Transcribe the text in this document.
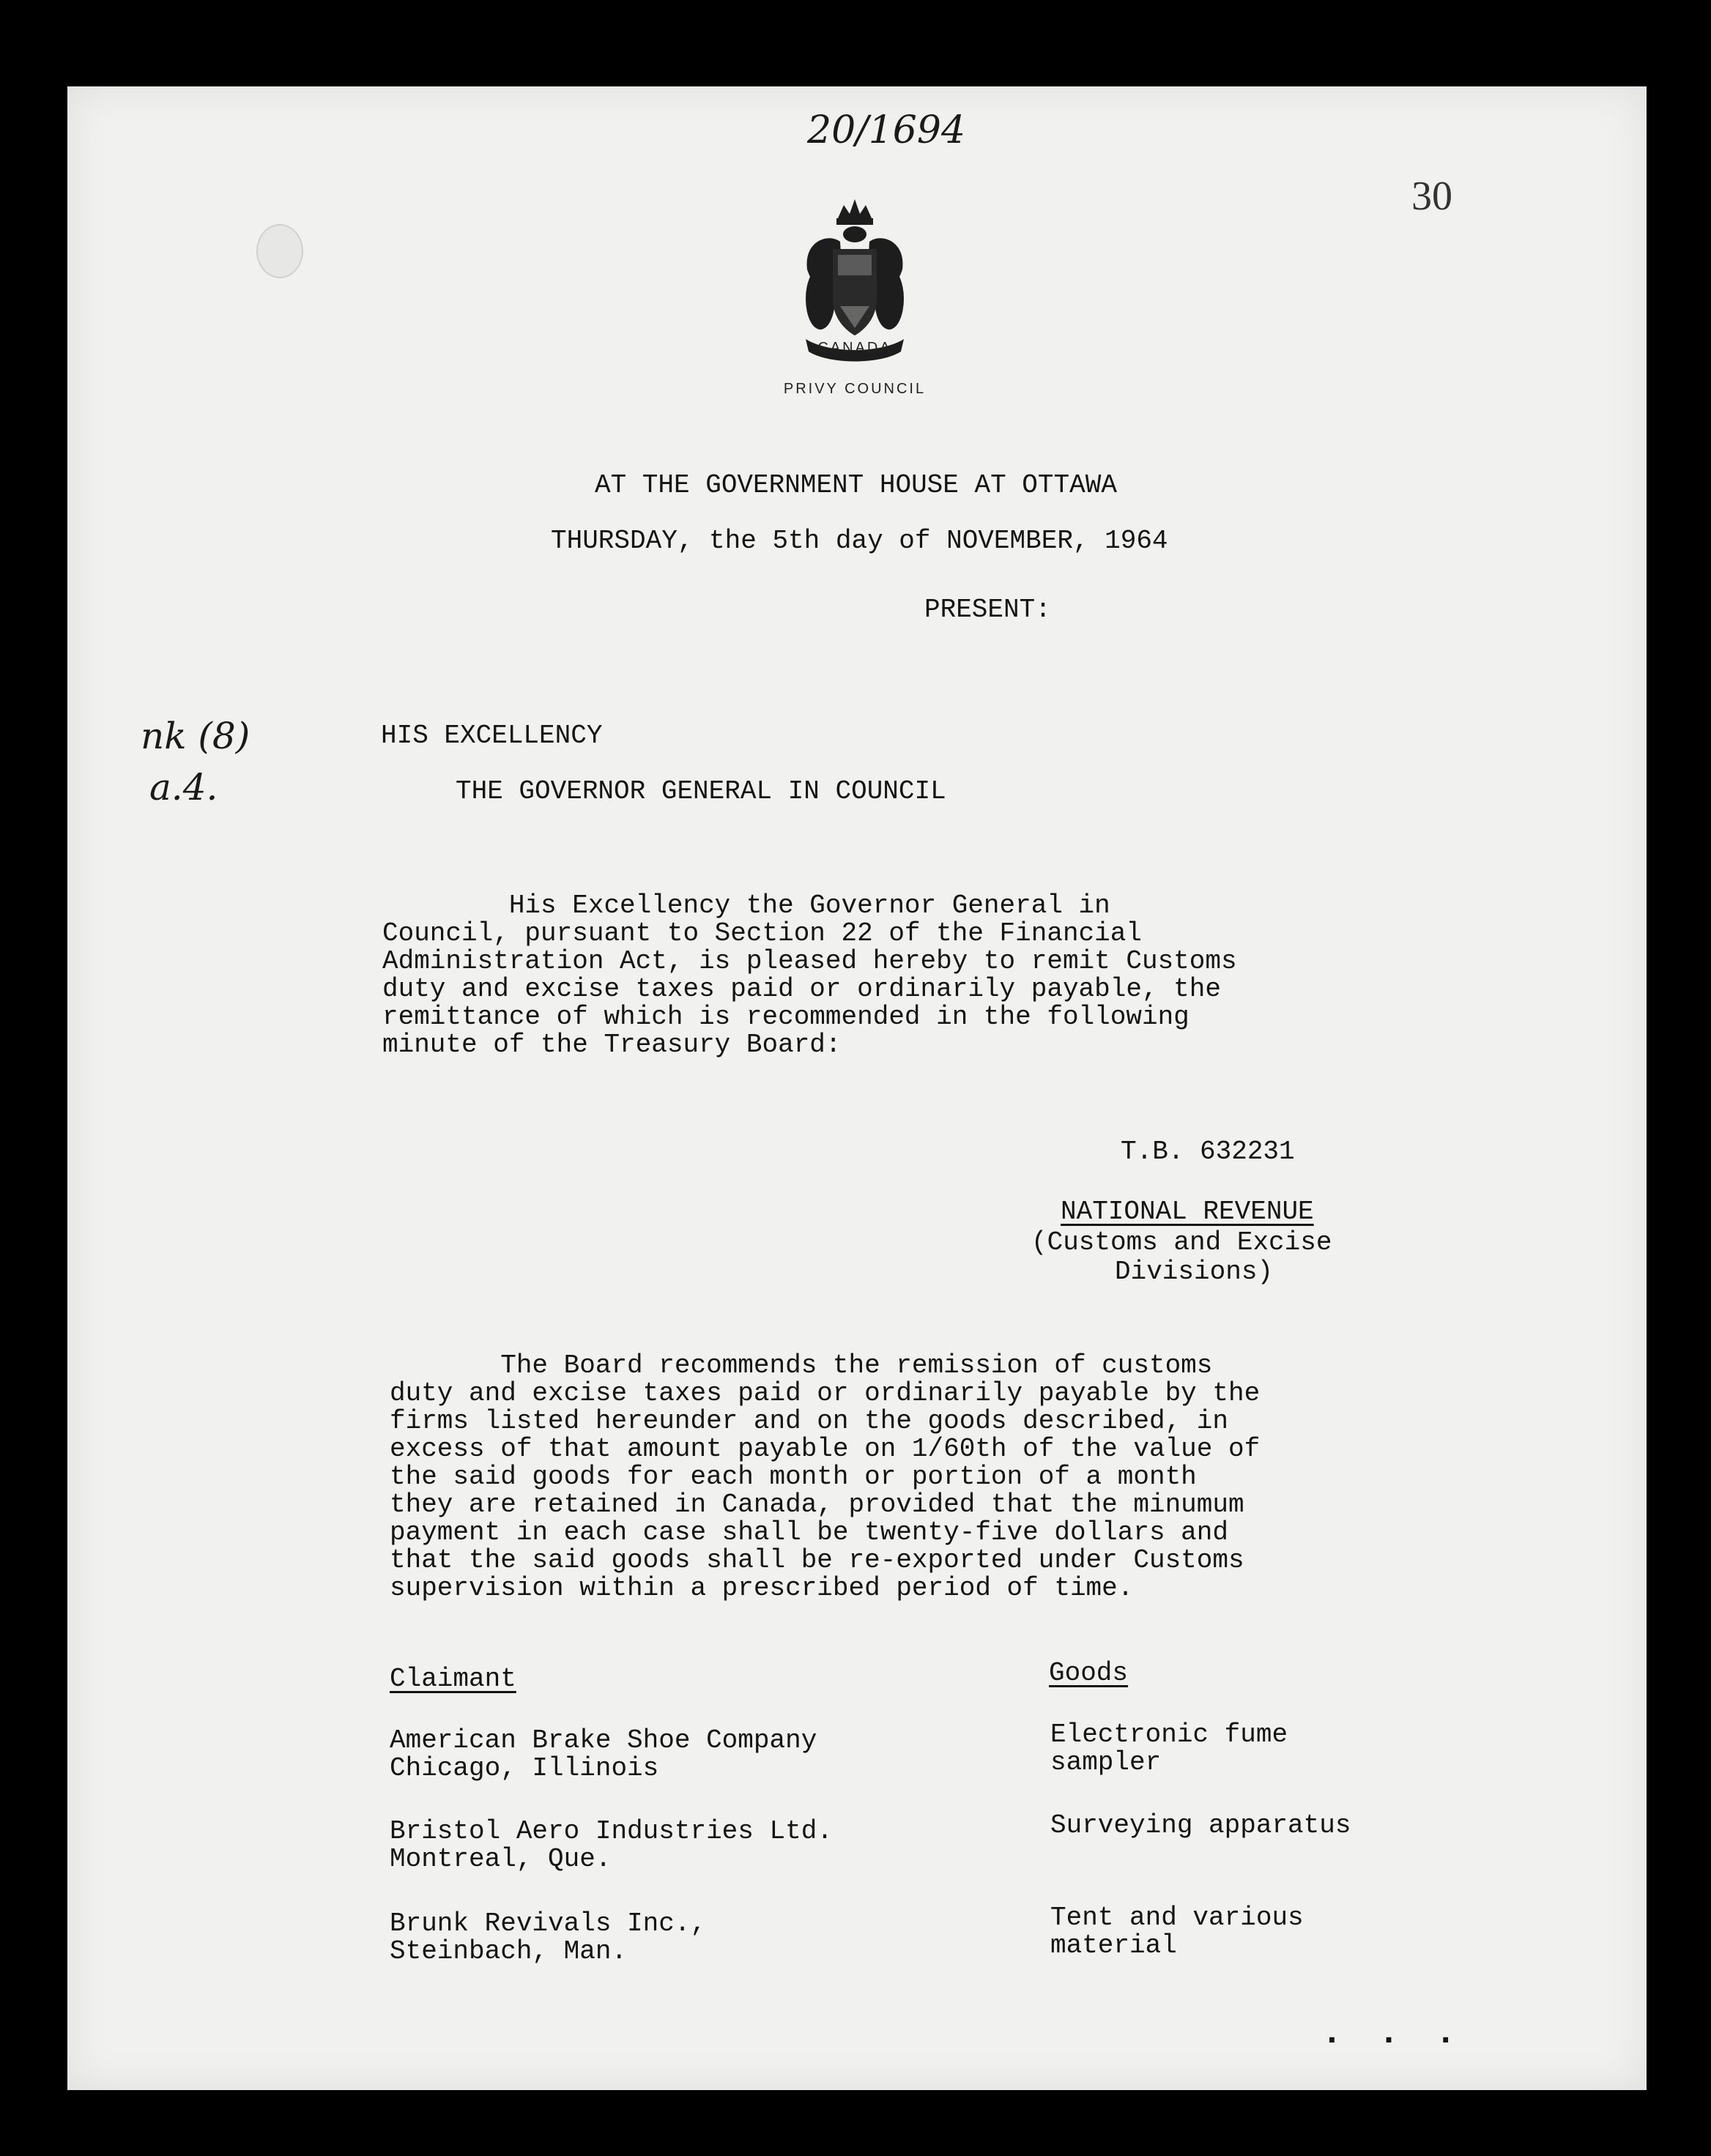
20/1694
30
CANADA
PRIVY COUNCIL
AT THE GOVERNMENT HOUSE AT OTTAWA
THURSDAY, the 5th day of NOVEMBER, 1964
PRESENT:
nk (8)
a.4.
HIS EXCELLENCY
THE GOVERNOR GENERAL IN COUNCIL
His Excellency the Governor General in
Council, pursuant to Section 22 of the Financial
Administration Act, is pleased hereby to remit Customs
duty and excise taxes paid or ordinarily payable, the
remittance of which is recommended in the following
minute of the Treasury Board:
T.B. 632231
NATIONAL REVENUE
(Customs and Excise
Divisions)
The Board recommends the remission of customs
duty and excise taxes paid or ordinarily payable by the
firms listed hereunder and on the goods described, in
excess of that amount payable on 1/60th of the value of
the said goods for each month or portion of a month
they are retained in Canada, provided that the minumum
payment in each case shall be twenty-five dollars and
that the said goods shall be re-exported under Customs
supervision within a prescribed period of time.
Claimant	Goods
American Brake Shoe Company
Chicago, Illinois
Electronic fume
sampler
Bristol Aero Industries Ltd.
Montreal, Que.
Surveying apparatus
Brunk Revivals Inc.,
Steinbach, Man.
Tent and various
material
. . .
